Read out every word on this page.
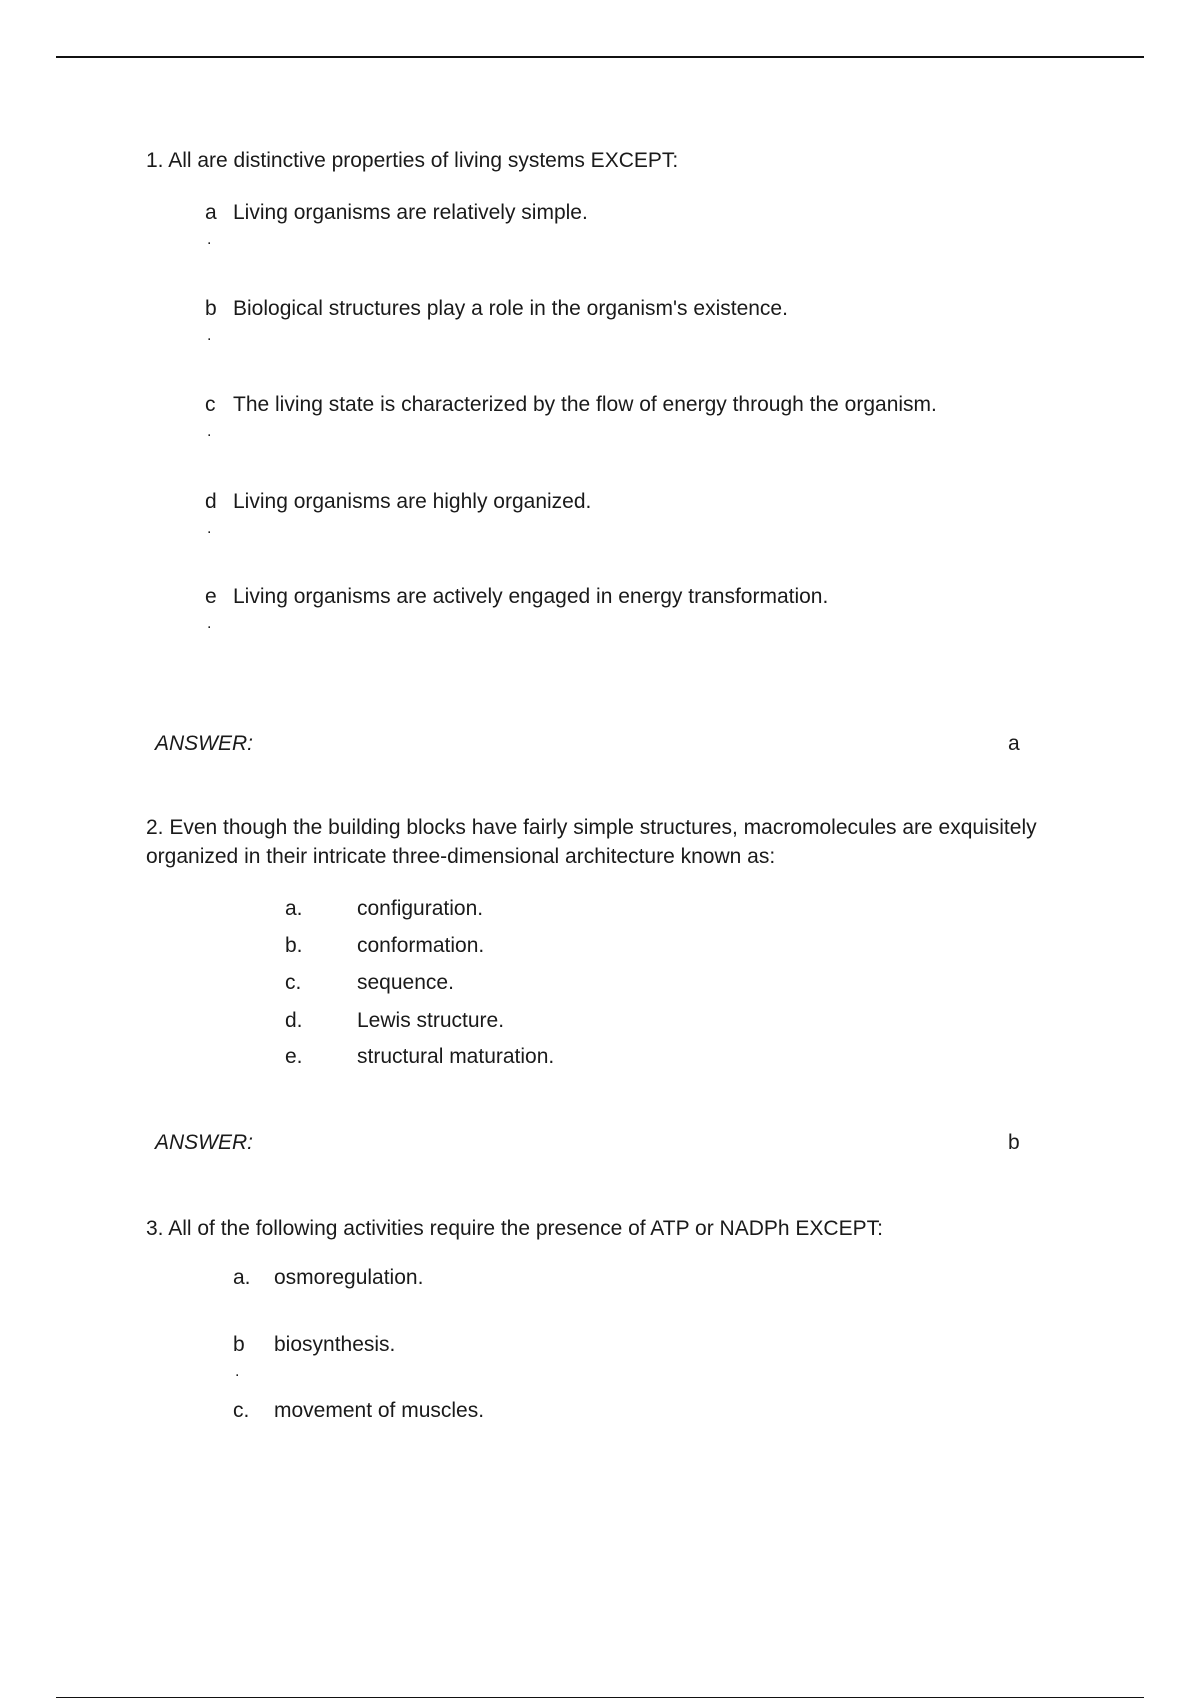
1. All are distinctive properties of living systems EXCEPT:
a Living organisms are relatively simple.
.
b Biological structures play a role in the organism's existence.
.
c The living state is characterized by the flow of energy through the organism.
.
d Living organisms are highly organized.
.
e Living organisms are actively engaged in energy transformation.
.
ANSWER:	a
2. Even though the building blocks have fairly simple structures, macromolecules are exquisitely organized in their intricate three-dimensional architecture known as:
a.	configuration.
b.	conformation.
c.	sequence.
d.	Lewis structure.
e.	structural maturation.
ANSWER:	b
3. All of the following activities require the presence of ATP or NADPh EXCEPT:
a. osmoregulation.
b biosynthesis.
.
c. movement of muscles.
